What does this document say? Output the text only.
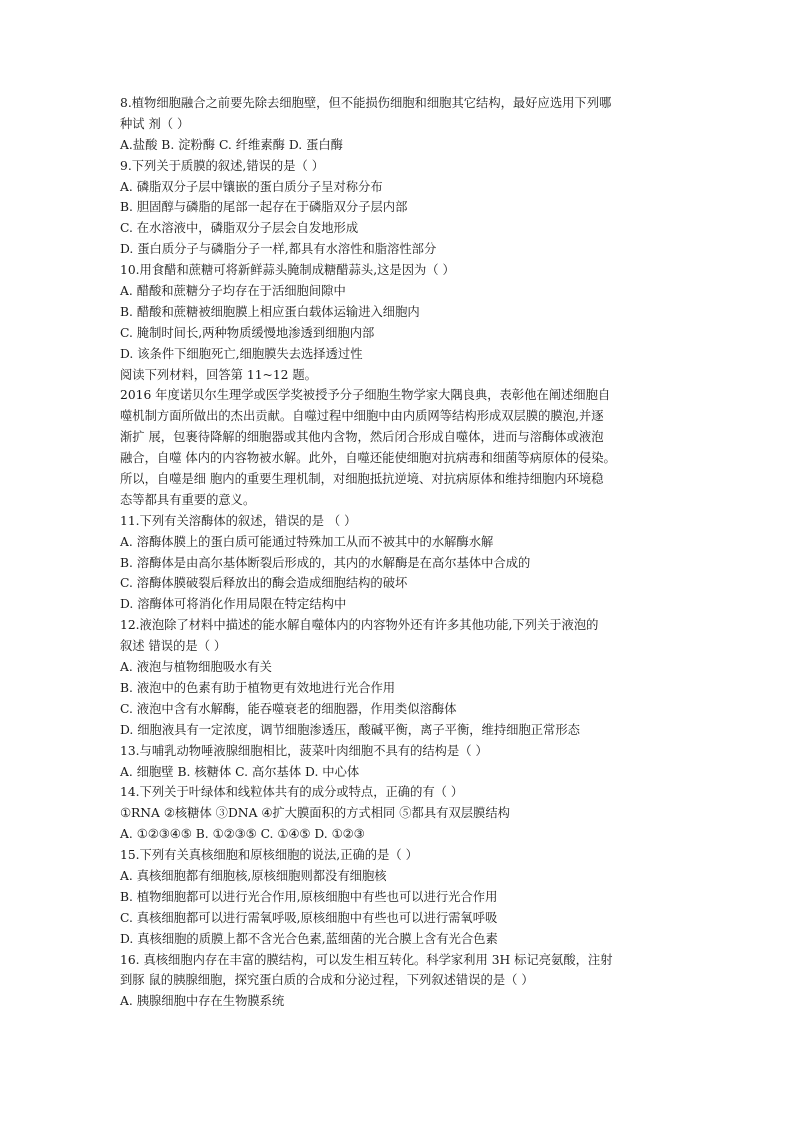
8.植物细胞融合之前要先除去细胞壁，但不能损伤细胞和细胞其它结构，最好应选用下列哪
种试 剂（ ）
A.盐酸 B. 淀粉酶 C. 纤维素酶 D. 蛋白酶
9.下列关于质膜的叙述,错误的是（ ）
A. 磷脂双分子层中镶嵌的蛋白质分子呈对称分布
B. 胆固醇与磷脂的尾部一起存在于磷脂双分子层内部
C. 在水溶液中，磷脂双分子层会自发地形成
D. 蛋白质分子与磷脂分子一样,都具有水溶性和脂溶性部分
10.用食醋和蔗糖可将新鲜蒜头腌制成糖醋蒜头,这是因为（ ）
A. 醋酸和蔗糖分子均存在于活细胞间隙中
B. 醋酸和蔗糖被细胞膜上相应蛋白载体运输进入细胞内
C. 腌制时间长,两种物质缓慢地渗透到细胞内部
D. 该条件下细胞死亡,细胞膜失去选择透过性
阅读下列材料，回答第 11~12 题。
2016 年度诺贝尔生理学或医学奖被授予分子细胞生物学家大隅良典，表彰他在阐述细胞自
噬机制方面所做出的杰出贡献。自噬过程中细胞中由内质网等结构形成双层膜的膜泡,并逐
渐扩 展，包裹待降解的细胞器或其他内含物，然后闭合形成自噬体，进而与溶酶体或液泡
融合，自噬 体内的内容物被水解。此外，自噬还能使细胞对抗病毒和细菌等病原体的侵染。
所以，自噬是细 胞内的重要生理机制，对细胞抵抗逆境、对抗病原体和维持细胞内环境稳
态等都具有重要的意义。
11.下列有关溶酶体的叙述，错误的是 （ ）
A. 溶酶体膜上的蛋白质可能通过特殊加工从而不被其中的水解酶水解
B. 溶酶体是由高尔基体断裂后形成的，其内的水解酶是在高尔基体中合成的
C. 溶酶体膜破裂后释放出的酶会造成细胞结构的破坏
D. 溶酶体可将消化作用局限在特定结构中
12.液泡除了材料中描述的能水解自噬体内的内容物外还有许多其他功能,下列关于液泡的
叙述 错误的是（ ）
A. 液泡与植物细胞吸水有关
B. 液泡中的色素有助于植物更有效地进行光合作用
C. 液泡中含有水解酶，能吞噬衰老的细胞器，作用类似溶酶体
D. 细胞液具有一定浓度，调节细胞渗透压，酸碱平衡，离子平衡，维持细胞正常形态
13.与哺乳动物唾液腺细胞相比，菠菜叶肉细胞不具有的结构是（ ）
A. 细胞壁 B. 核糖体 C. 高尔基体 D. 中心体
14.下列关于叶绿体和线粒体共有的成分或特点，正确的有（ ）
①RNA ②核糖体 ③DNA ④扩大膜面积的方式相同 ⑤都具有双层膜结构
A. ①②③④⑤ B. ①②③⑤ C. ①④⑤ D. ①②③
15.下列有关真核细胞和原核细胞的说法,正确的是（ ）
A. 真核细胞都有细胞核,原核细胞则都没有细胞核
B. 植物细胞都可以进行光合作用,原核细胞中有些也可以进行光合作用
C. 真核细胞都可以进行需氧呼吸,原核细胞中有些也可以进行需氧呼吸
D. 真核细胞的质膜上都不含光合色素,蓝细菌的光合膜上含有光合色素
16. 真核细胞内存在丰富的膜结构，可以发生相互转化。科学家利用 3H 标记亮氨酸，注射
到豚 鼠的胰腺细胞，探究蛋白质的合成和分泌过程，下列叙述错误的是（ ）
A. 胰腺细胞中存在生物膜系统
